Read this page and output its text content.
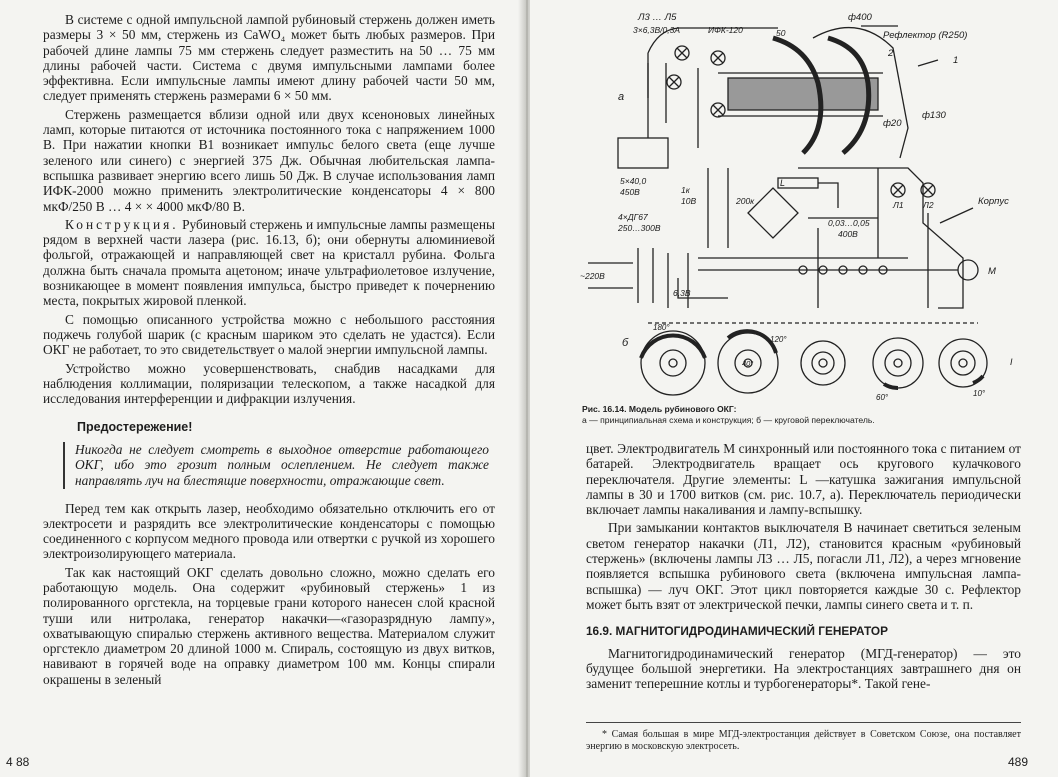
В системе с одной импульсной лампой рубиновый стержень должен иметь размеры 3 × 50 мм, стержень из CaWO₄ может быть любых размеров. При рабочей длине лампы 75 мм стержень следует разместить на 50 … 75 мм длины рабочей части. Система с двумя импульсными лампами более эффективна. Если импульсные лампы имеют длину рабочей части 50 мм, следует применять стержень размерами 6 × 50 мм.

Стержень размещается вблизи одной или двух ксеноновых линейных ламп, которые питаются от источника постоянного тока с напряжением 1000 В. При нажатии кнопки В1 возникает импульс белого света (еще лучше зеленого или синего) с энергией 375 Дж. Обычная любительская лампа-вспышка развивает энергию всего лишь 50 Дж. В случае использования ламп ИФК-2000 можно применить электролитические конденсаторы 4 × 800 мкФ/250 В … 4 × × 4000 мкФ/80 В.

Конструкция. Рубиновый стержень и импульсные лампы размещены рядом в верхней части лазера (рис. 16.13, б); они обернуты алюминиевой фольгой, отражающей и направляющей свет на кристалл рубина. Фольга должна быть сначала промыта ацетоном; иначе ультрафиолетовое излучение, возникающее в момент появления импульса, быстро приведет к почернению места, покрытых жировой пленкой.

С помощью описанного устройства можно с небольшого расстояния поджечь голубой шарик (с красным шариком это сделать не удастся). Если ОКГ не работает, то это свидетельствует о малой энергии импульсной лампы.

Устройство можно усовершенствовать, снабдив насадками для наблюдения коллимации, поляризации телескопом, а также насадкой для исследования интерференции и дифракции излучения.

Предостережение!
Никогда не следует смотреть в выходное отверстие работающего ОКГ, ибо это грозит полным ослеплением. Не следует также направлять луч на блестящие поверхности, отражающие свет.

Перед тем как открыть лазер, необходимо обязательно отключить его от электросети и разрядить все электролитические конденсаторы с помощью соединенного с корпусом медного провода или отвертки с ручкой из хорошего электроизолирующего материала.

Так как настоящий ОКГ сделать довольно сложно, можно сделать его работающую модель. Она содержит «рубиновый стержень» 1 из полированного оргстекла, на торцевые грани которого нанесен слой красной туши или нитролака, генератор накачки—«газоразрядную лампу», охватывающую спиралью стержень активного вещества. Материалом служит оргстекло диаметром 20 длиной 1000 м. Спираль, состоящую из двух витков, навивают в горячей воде на оправку диаметром 100 мм. Концы спирали окрашены в зеленый

4 88
Л3 … Л5
3×6,3В/0,3А	ИФК-120	50
ф400
Рефлектор (R250)
1
2
ф130
ф20
Корпус
а
5×40,0
450В
4×ДГ67
250…300В
1к
10В	200к
L
0,03…0,05
400В
Л1 Л2
~220В
6,3В
М
б
180°
120°
40°
60°	10°
I
Рис. 16.14. Модель рубинового ОКГ:
а — принципиальная схема и конструкция; б — круговой переключатель.

цвет. Электродвигатель М синхронный или постоянного тока с питанием от батарей. Электродвигатель вращает ось кругового кулачкового переключателя. Другие элементы: L —катушка зажигания импульсной лампы в 30 и 1700 витков (см. рис. 10.7, а). Переключатель периодически включает лампы накаливания и лампу-вспышку.

При замыкании контактов выключателя В начинает светиться зеленым светом генератор накачки (Л1, Л2), становится красным «рубиновый стержень» (включены лампы Л3 … Л5, погасли Л1, Л2), а через мгновение появляется вспышка рубинового света (включена импульсная лампа-вспышка) — луч ОКГ. Этот цикл повторяется каждые 30 с. Рефлектор может быть взят от электрической печки, лампы синего света и т. п.

16.9. МАГНИТОГИДРОДИНАМИЧЕСКИЙ ГЕНЕРАТОР

Магнитогидродинамический генератор (МГД-генератор) — это будущее большой энергетики. На электростанциях завтрашнего дня он заменит теперешние котлы и турбогенераторы*. Такой гене-

* Самая большая в мире МГД-электростанция действует в Советском Союзе, она поставляет энергию в московскую электросеть.
489
